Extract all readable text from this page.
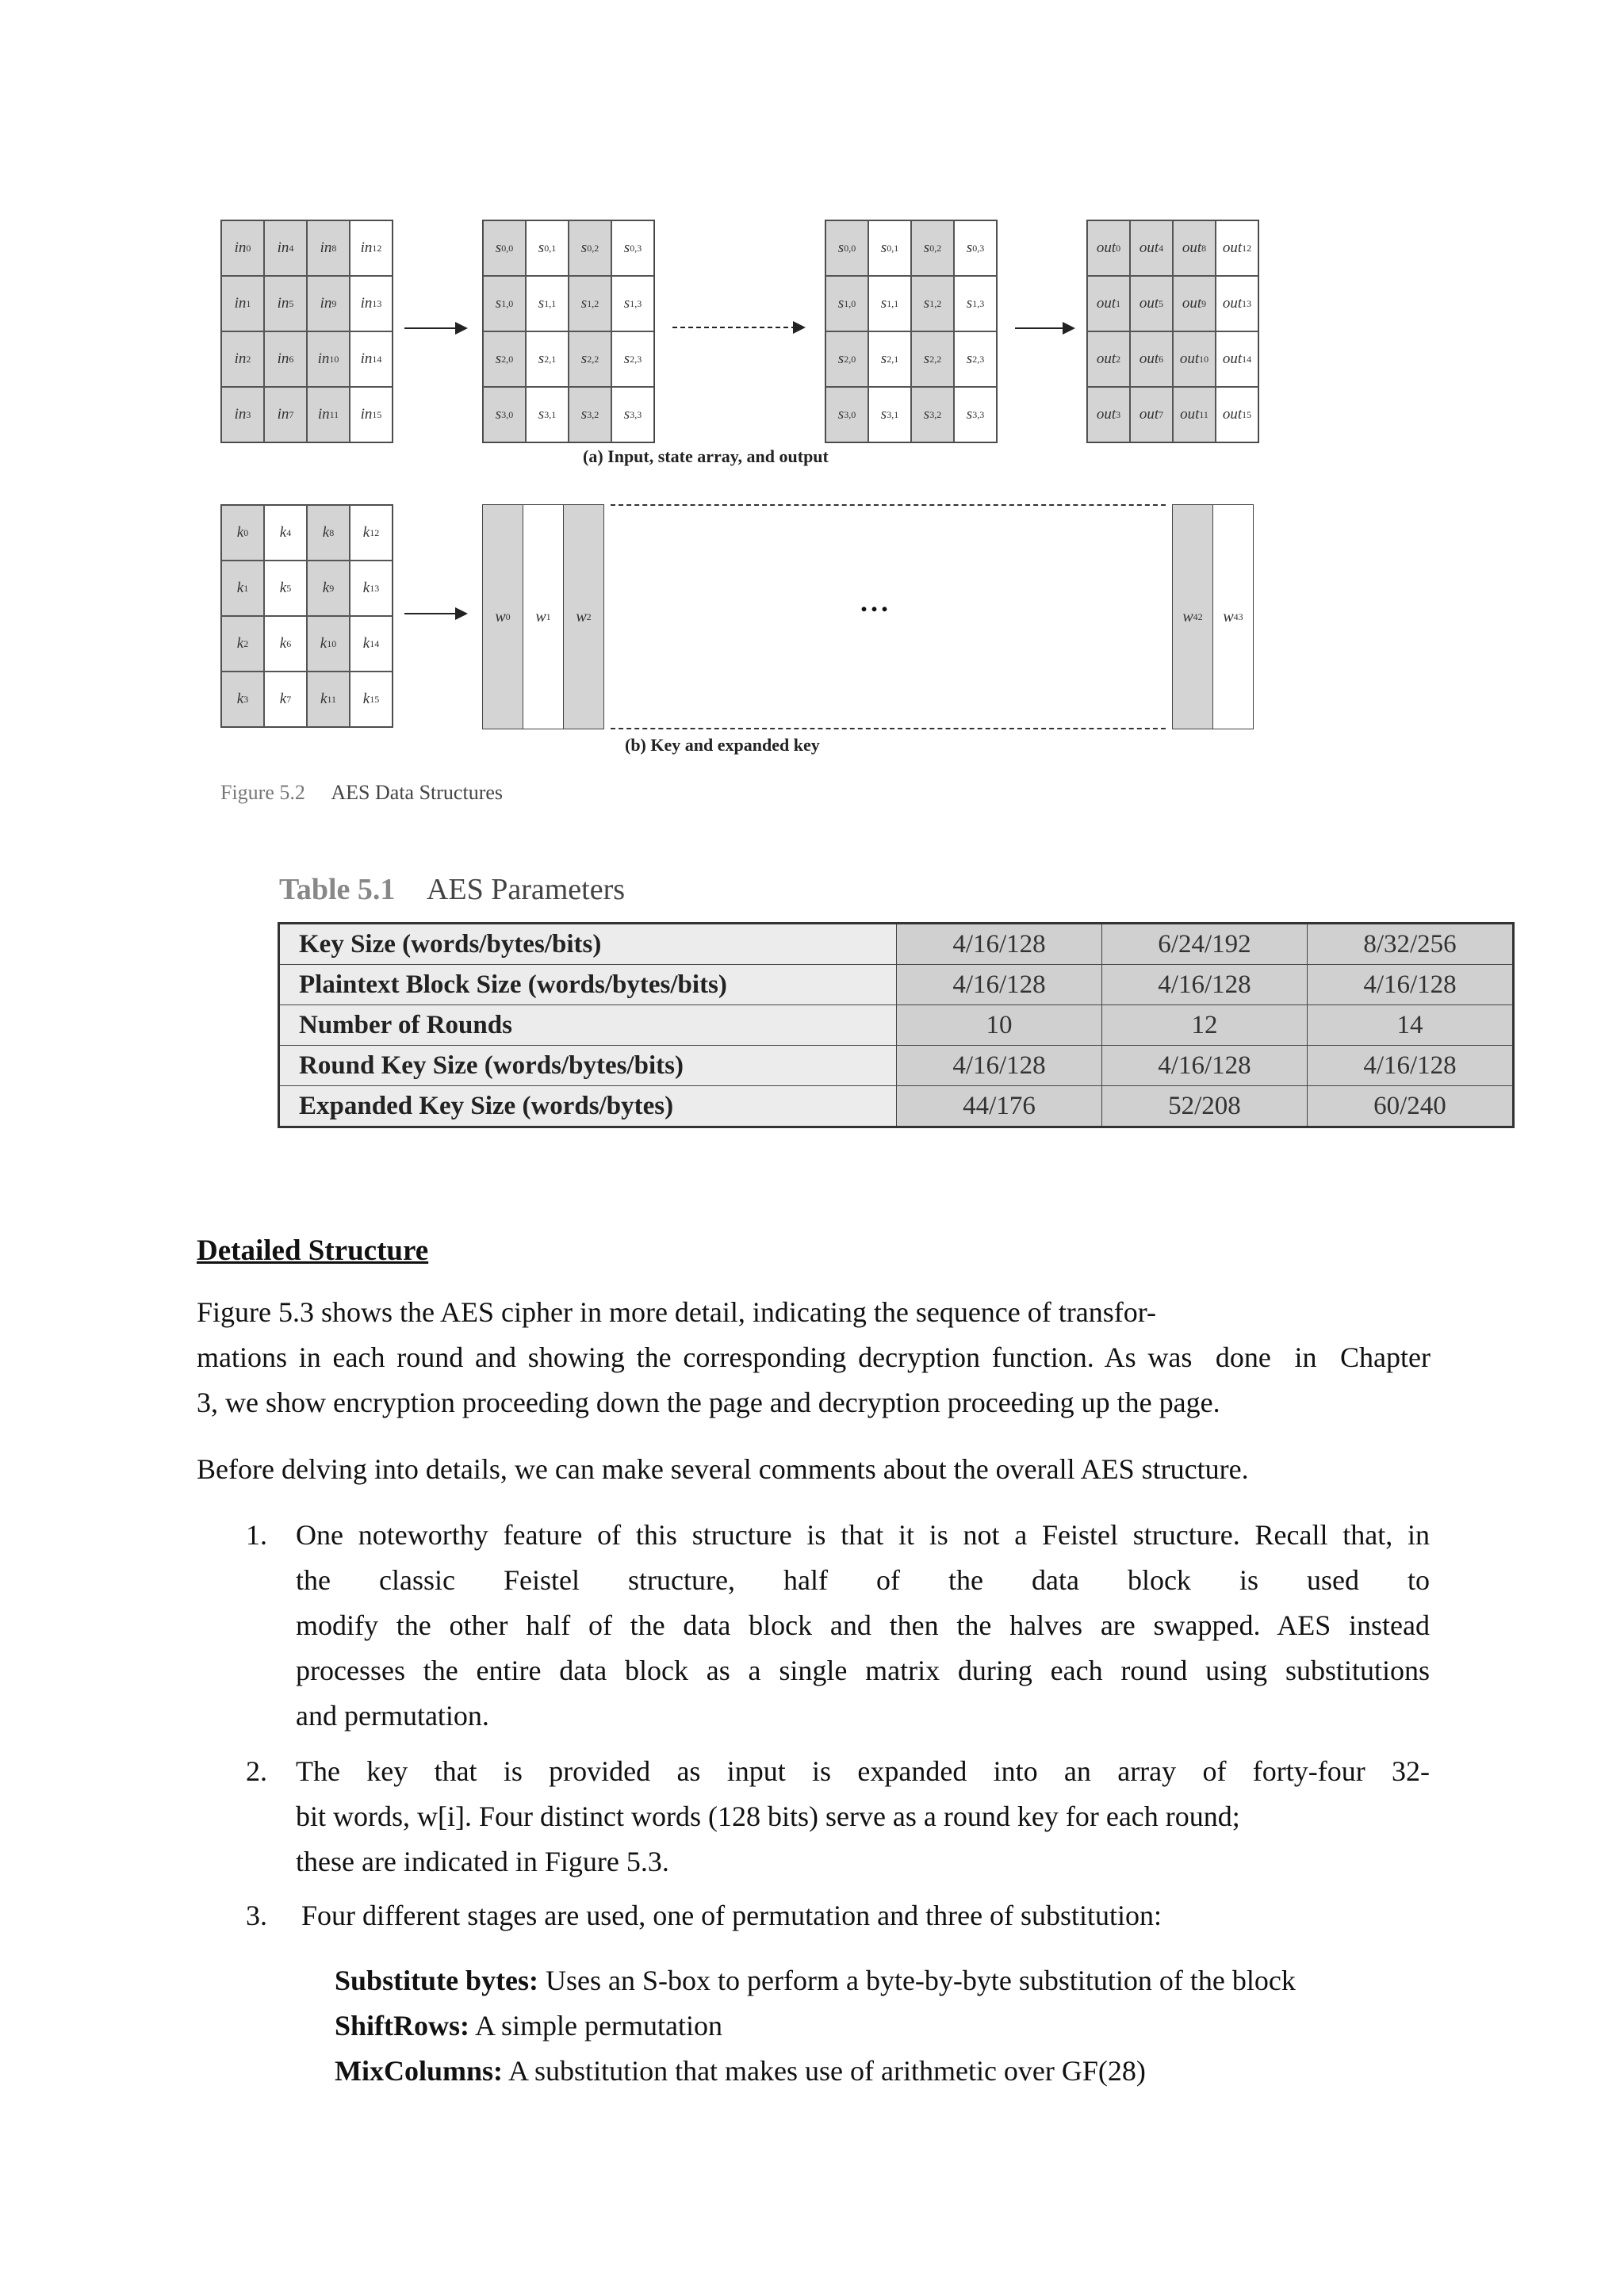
in 0 in 4 in 8 in 12
in 1 in 5 in 9 in 13
in 2 in 6 in 10 in 14
in 3 in 7 in 11 in 15
s 0,0 s 0,1 s 0,2 s 0,3
s 1,0 s 1,1 s 1,2 s 1,3
s 2,0 s 2,1 s 2,2 s 2,3
s 3,0 s 3,1 s 3,2 s 3,3
s 0,0 s 0,1 s 0,2 s 0,3
s 1,0 s 1,1 s 1,2 s 1,3
s 2,0 s 2,1 s 2,2 s 2,3
s 3,0 s 3,1 s 3,2 s 3,3
out 0 out 4 out 8 out 12
out 1 out 5 out 9 out 13
out 2 out 6 out 10 out 14
out 3 out 7 out 11 out 15
(a) Input, state array, and output
k 0 k 4 k 8 k 12
k 1 k 5 k 9 k 13
k 2 k 6 k 10 k 14
k 3 k 7 k 11 k 15
w 0 w 1 w 2	...	w 42 w 43
(b) Key and expanded key
Figure 5.2 AES Data Structures
Table 5.1 AES Parameters
Key Size (words/bytes/bits)	4/16/128	6/24/192	8/32/256
Plaintext Block Size (words/bytes/bits)	4/16/128	4/16/128	4/16/128
Number of Rounds	10	12	14
Round Key Size (words/bytes/bits)	4/16/128	4/16/128	4/16/128
Expanded Key Size (words/bytes)	44/176	52/208	60/240
Detailed Structure
Figure 5.3 shows the AES cipher in more detail, indicating the sequence of transfor-
mations in each round and showing the corresponding decryption function. As was  done  in  Chapter
3, we show encryption proceeding down the page and decryption proceeding up the page.
Before delving into details, we can make several comments about the overall AES structure.
1. One noteworthy feature of this structure is that it is not a Feistel structure. Recall that, in
the classic Feistel structure, half of the data block is used to
modify the other half of the data block and then the halves are swapped. AES instead
processes the entire data block as a single matrix during each round using substitutions
and permutation.
2. The key that is provided as input is expanded into an array of forty-four 32-
bit words, w[i]. Four distinct words (128 bits) serve as a round key for each round;
these are indicated in Figure 5.3.
3. Four different stages are used, one of permutation and three of substitution:
Substitute bytes: Uses an S-box to perform a byte-by-byte substitution of the block
ShiftRows: A simple permutation
MixColumns: A substitution that makes use of arithmetic over GF(28)
